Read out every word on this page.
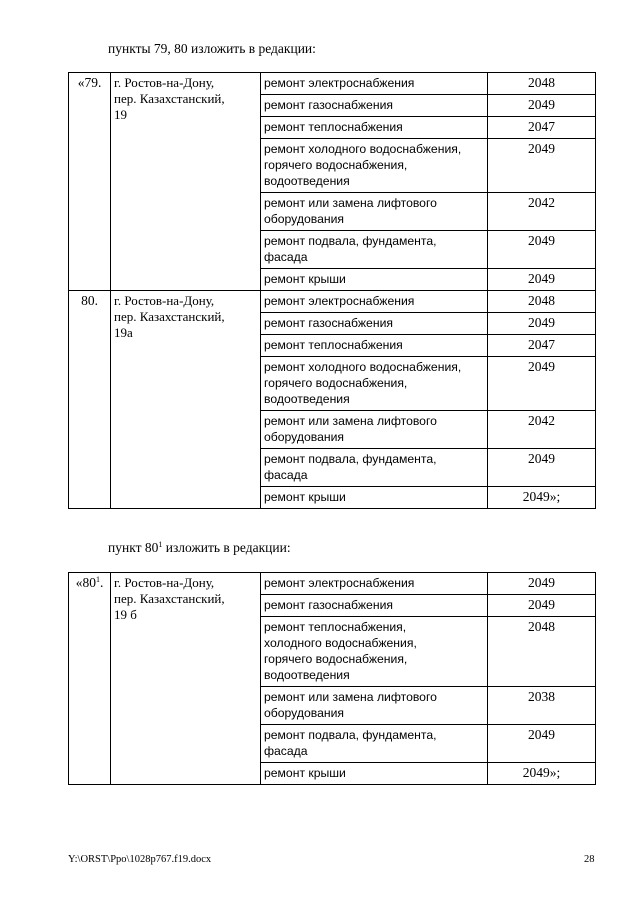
пункты 79, 80 изложить в редакции:
«79.	г. Ростов-на-Дону,
пер. Казахстанский,
19	ремонт электроснабжения	2048

		ремонт газоснабжения	2049

		ремонт теплоснабжения	2047

		ремонт холодного водоснабжения,
горячего водоснабжения,
водоотведения	2049

		ремонт или замена лифтового
оборудования	2042

		ремонт подвала, фундамента,
фасада	2049

		ремонт крыши	2049
80.	г. Ростов-на-Дону,
пер. Казахстанский,
19а	ремонт электроснабжения	2048

		ремонт газоснабжения	2049

		ремонт теплоснабжения	2047

		ремонт холодного водоснабжения,
горячего водоснабжения,
водоотведения	2049

		ремонт или замена лифтового
оборудования	2042

		ремонт подвала, фундамента,
фасада	2049

		ремонт крыши	2049»;
пункт $80^1$ изложить в редакции:
«$80^1$.	г. Ростов-на-Дону,
пер. Казахстанский,
19 б	ремонт электроснабжения	2049

		ремонт газоснабжения	2049

		ремонт теплоснабжения,
холодного водоснабжения,
горячего водоснабжения,
водоотведения	2048

		ремонт или замена лифтового
оборудования	2038

		ремонт подвала, фундамента,
фасада	2049

		ремонт крыши	2049»;
Y:\ORST\Ppo\1028p767.f19.docx	28
